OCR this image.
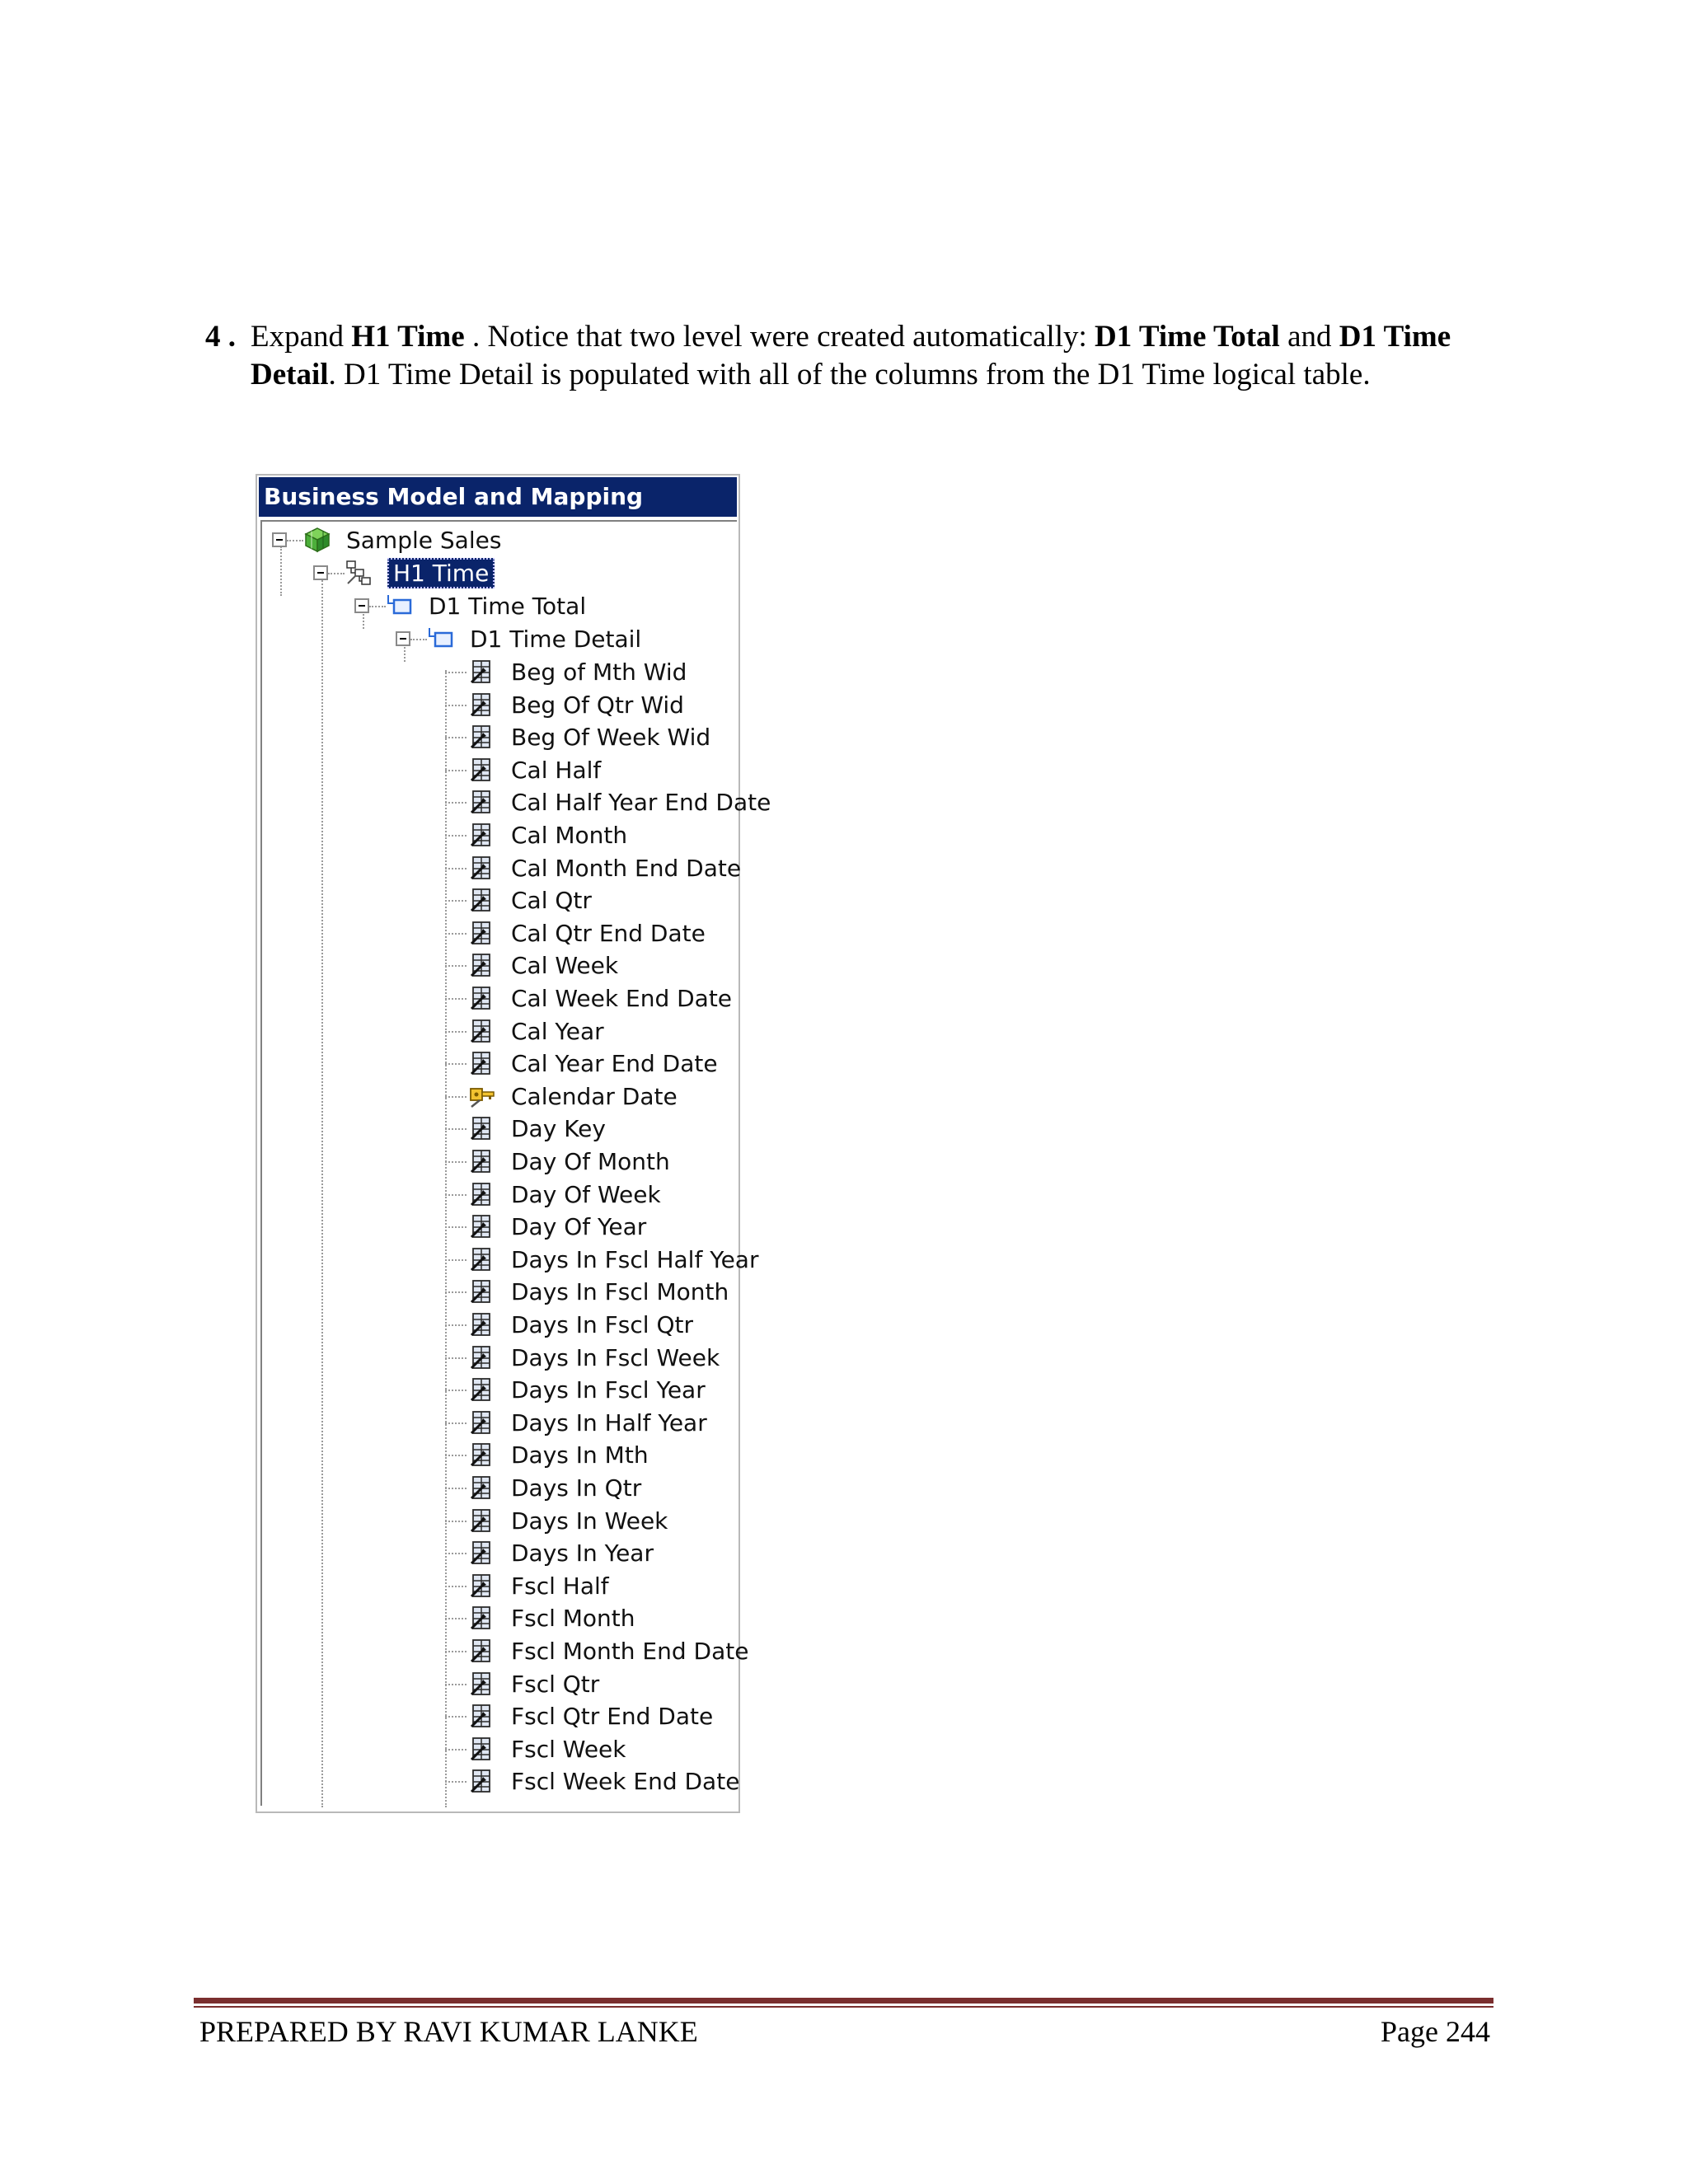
4 . Expand H1 Time . Notice that two level were created automatically: D1 Time Total and D1 Time Detail. D1 Time Detail is populated with all of the columns from the D1 Time logical table.
Business Model and Mapping
Sample Sales
H1 Time
D1 Time Total
D1 Time Detail
Beg of Mth Wid
Beg Of Qtr Wid
Beg Of Week Wid
Cal Half
Cal Half Year End Date
Cal Month
Cal Month End Date
Cal Qtr
Cal Qtr End Date
Cal Week
Cal Week End Date
Cal Year
Cal Year End Date
Calendar Date
Day Key
Day Of Month
Day Of Week
Day Of Year
Days In Fscl Half Year
Days In Fscl Month
Days In Fscl Qtr
Days In Fscl Week
Days In Fscl Year
Days In Half Year
Days In Mth
Days In Qtr
Days In Week
Days In Year
Fscl Half
Fscl Month
Fscl Month End Date
Fscl Qtr
Fscl Qtr End Date
Fscl Week
Fscl Week End Date
PREPARED BY RAVI KUMAR LANKE	Page 244
